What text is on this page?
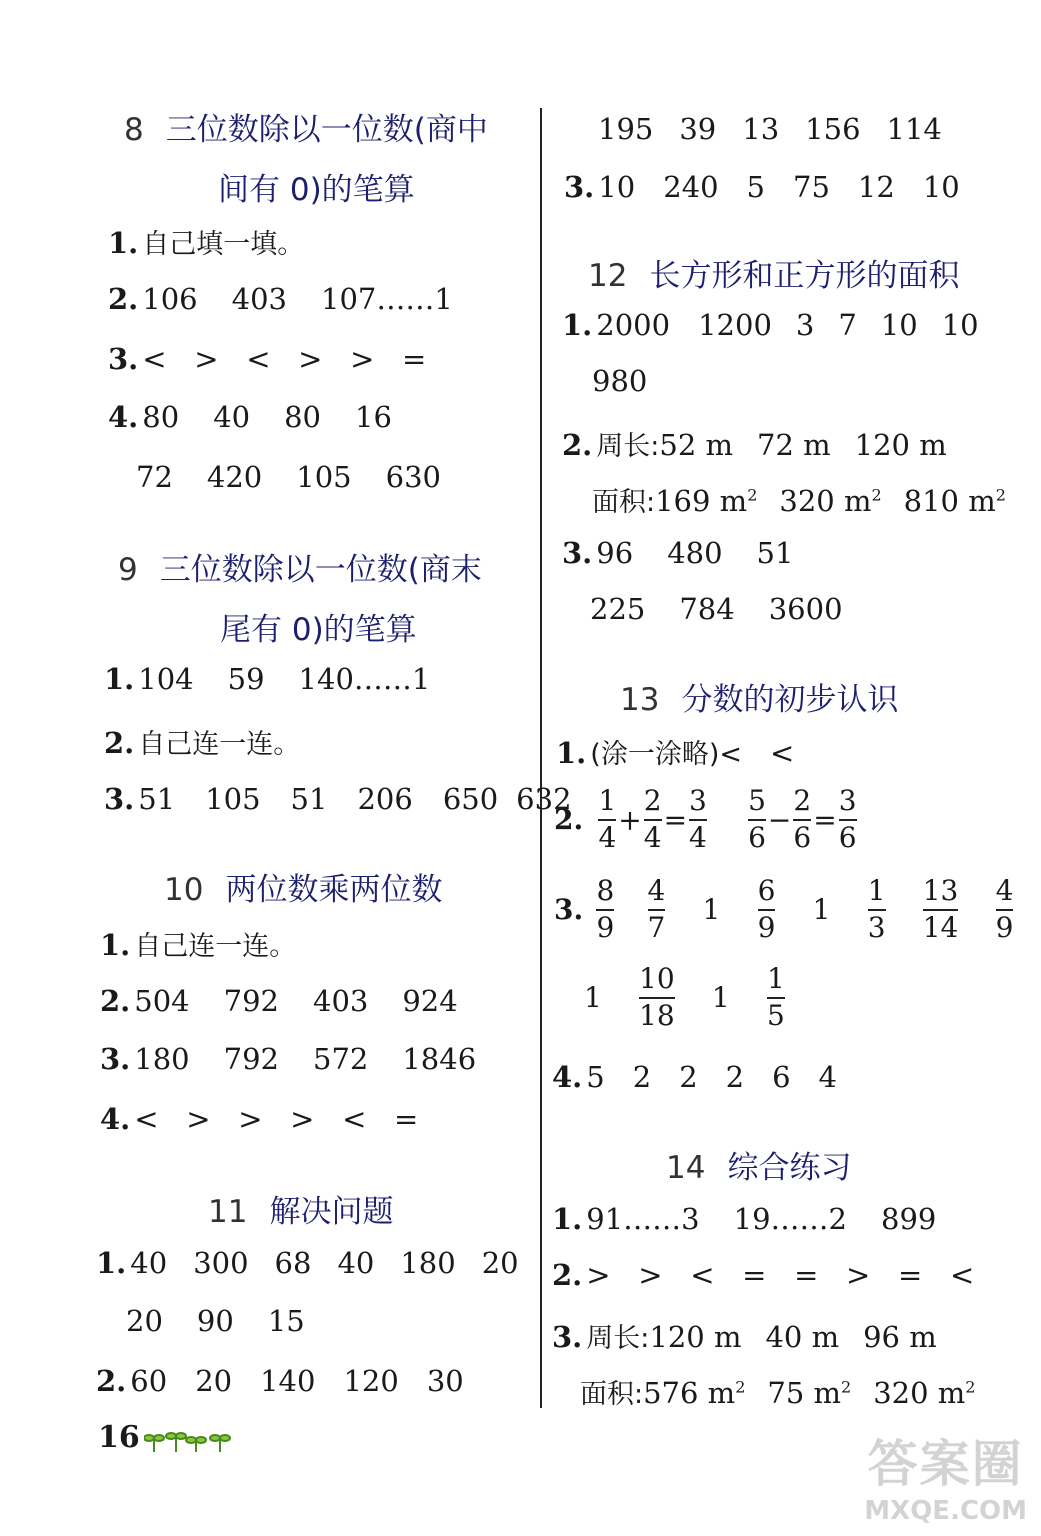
8 三位数除以一位数(商中
间有 0)的笔算
1. 自己填一填。
2. 106 403 107……1
3. <   >   <   >   >   =
4. 80 40 80 16
72 420 105 630
9 三位数除以一位数(商末
尾有 0)的笔算
1. 104 59 140……1
2. 自己连一连。
3. 51 105 51 206 650 632
10 两位数乘两位数
1. 自己连一连。
2. 504 792 403 924
3. 180 792 572 1846
4. <   >   >   >   <   =
11 解决问题
1. 40 300 68 40 180 20
20 90 15
2. 60 20 140 120 30
16
195 39 13 156 114
3. 10 240 5 75 12 10
12 长方形和正方形的面积
1. 2000 1200 3 7 10 10
980
2. 周长:52 m 72 m 120 m
面积:169 $m^2$ 320 $m^2$ 810 $m^2$
3. 96 480 51
225 784 3600
13 分数的初步认识
1. (涂一涂略)< <
2. $\frac{1}{4} + \frac{2}{4} = \frac{3}{4}$
$\frac{5}{6} - \frac{2}{6} = \frac{3}{6}$
3. $\frac{8}{9}$
$\frac{4}{7} 1 \frac{6}{9} 1 \frac{1}{3}$
$\frac{13}{14}$
$\frac{4}{9}$
$1 \frac{10}{18} 1 \frac{1}{5}$
4. 5 2 2 2 6 4
14 综合练习
1. 91……3 19……2 899
2. >   >   <   =   =   >   =   <
3. 周长:120 m 40 m 96 m
面积:576 $m^2$ 75 $m^2$ 320 $m^2$
答案圈
MXQE.COM
